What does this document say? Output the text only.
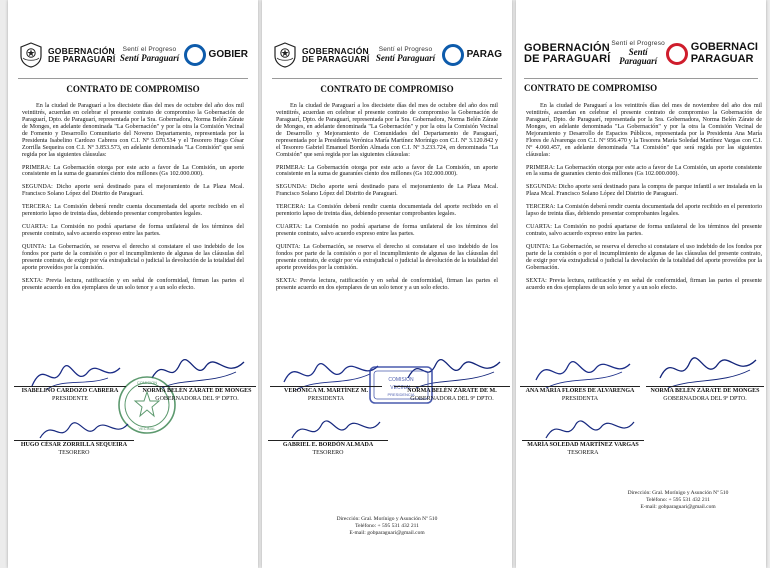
GOBERNACIÓN
DE PARAGUARÍ
Sentí el Progreso
Sentí Paraguarí	GOBIER
CONTRATO DE COMPROMISO

En la ciudad de Paraguarí a los diecisiete días del mes de octubre del año dos mil veintitrés, acuerdan en celebrar el presente contrato de compromiso la Gobernación de Paraguarí, Dpto. de Paraguarí, representada por la Sra. Gobernadora, Norma Belén Zárate de Monges, en adelante denominada "La Gobernación" y por la otra la Comisión Vecinal de Fomento y Desarrollo Comunitario del Noveno Departamento, representada por la Presidenta Isabelino Cardozo Cabrera con C.I. Nº 5.070.534 y el Tesorero Hugo César Zorrilla Sequeira con C.I. Nº 3.853.573, en adelante denominada "La Comisión" que será regida por las siguientes cláusulas:

PRIMERA: La Gobernación otorga por este acto a favor de La Comisión, un aporte consistente en la suma de guaraníes ciento dos millones (Gs 102.000.000).

SEGUNDA: Dicho aporte será destinado para el mejoramiento de La Plaza Mcal. Francisco Solano López del Distrito de Paraguarí.

TERCERA: La Comisión deberá rendir cuenta documentada del aporte recibido en el perentorio lapso de treinta días, debiendo presentar comprobantes legales.

CUARTA: La Comisión no podrá apartarse de forma unilateral de los términos del presente contrato, salvo acuerdo expreso entre las partes.

QUINTA: La Gobernación, se reserva el derecho si constatare el uso indebido de los fondos por parte de la comisión o por el incumplimiento de algunas de las cláusulas del presente contrato, de exigir por vía extrajudicial o judicial la devolución de la totalidad del aporte proveídos por la comisión.

SEXTA: Previa lectura, ratificación y en señal de conformidad, firman las partes el presente acuerdo en dos ejemplares de un solo tenor y a un solo efecto.

COMISION
VECINAL
ISABELINO CARDOZO CABRERA
PRESIDENTE
NORMA BELÉN ZÁRATE DE MONGES
GOBERNADORA DEL 9º DPTO.
HUGO CÉSAR ZORRILLA SEQUEIRA
TESORERO
GOBERNACIÓN
DE PARAGUARÍ
Sentí el Progreso
Sentí Paraguarí	PARAG
CONTRATO DE COMPROMISO

En la ciudad de Paraguarí a los diecisiete días del mes de octubre del año dos mil veintitrés, acuerdan en celebrar el presente contrato de compromiso la Gobernación de Paraguarí, Dpto. de Paraguarí, representada por la Sra. Gobernadora, Norma Belén Zárate de Monges, en adelante denominada "La Gobernación" y por la otra la Comisión Vecinal de Desarrollo y Mejoramiento de Comunidades del Departamento de Paraguarí, representada por la Presidenta Verónica María Martínez Morínigo con C.I. Nº 3.120.842 y el Tesorero Gabriel Emanuel Bordón Almada con C.I. Nº 3.233.724, en denominada "La Comisión" que será regida por las siguientes cláusulas:

PRIMERA: La Gobernación otorga por este acto a favor de La Comisión, un aporte consistente en la suma de guaraníes ciento dos millones (Gs 102.000.000).

SEGUNDA: Dicho aporte será destinado para el mejoramiento de La Plaza Mcal. Francisco Solano López del Distrito de Paraguarí.

TERCERA: La Comisión deberá rendir cuenta documentada del aporte recibido en el perentorio lapso de treinta días, debiendo presentar comprobantes legales.

CUARTA: La Comisión no podrá apartarse de forma unilateral de los términos del presente contrato, salvo acuerdo expreso entre las partes.

QUINTA: La Gobernación, se reserva el derecho si constatare el uso indebido de los fondos por parte de la comisión o por el incumplimiento de algunas de las cláusulas del presente contrato, de exigir por vía extrajudicial o judicial la devolución de la totalidad del aporte proveídos por la comisión.

SEXTA: Previa lectura, ratificación y en señal de conformidad, firman las partes el presente acuerdo en dos ejemplares de un solo tenor y a un solo efecto.

COMISION
VECINAL
PRESIDENCIA
VERÓNICA M. MARTÍNEZ M.
PRESIDENTA
NORMA BELÉN ZÁRATE DE M.
GOBERNADORA DEL 9º DPTO.
GABRIEL E. BORDÓN ALMADA
TESORERO
Dirección: Gral. Morínigo y Asunción Nº 510
Teléfono: + 595 531 432 211
E-mail: gobparaguari@gmail.com
GOBERNACIÓN
DE PARAGUARÍ
Sentí el Progreso
Sentí Paraguarí
GOBERNACI
PARAGUAR
CONTRATO DE COMPROMISO

En la ciudad de Paraguarí a los veintitrés días del mes de noviembre del año dos mil veintitrés, acuerdan en celebrar el presente contrato de compromiso la Gobernación de Paraguarí, Dpto. de Paraguarí, representada por la Sra. Gobernadora, Norma Belén Zárate de Monges, en adelante denominada "La Gobernación" y por la otra la Comisión Vecinal de Mejoramiento y Desarrollo de Espacios Públicos, representada por la Presidenta Ana María Flores de Alvarenga con C.I. Nº 956.470 y la Tesorera María Soledad Martínez Vargas con C.I. Nº 4.060.457, en adelante denominada "La Comisión" que será regida por las siguientes cláusulas:

PRIMERA: La Gobernación otorga por este acto a favor de La Comisión, un aporte consistente en la suma de guaraníes ciento dos millones (Gs 102.000.000).

SEGUNDA: Dicho aporte será destinado para la compra de parque infantil a ser instalada en la Plaza Mcal. Francisco Solano López del Distrito de Paraguarí.

TERCERA: La Comisión deberá rendir cuenta documentada del aporte recibido en el perentorio lapso de treinta días, debiendo presentar comprobantes legales.

CUARTA: La Comisión no podrá apartarse de forma unilateral de los términos del presente contrato, salvo acuerdo expreso entre las partes.

QUINTA: La Gobernación, se reserva el derecho si constatare el uso indebido de los fondos por parte de la comisión o por el incumplimiento de algunas de las cláusulas del presente contrato, de exigir por vía extrajudicial o judicial la devolución de la totalidad del aporte proveídos por la Gobernación.

SEXTA: Previa lectura, ratificación y en señal de conformidad, firman las partes el presente acuerdo en dos ejemplares de un solo tenor y a un solo efecto.

ANA MARÍA FLORES DE ALVARENGA
PRESIDENTA
NORMA BELÉN ZÁRATE DE MONGES
GOBERNADORA DEL 9º DPTO.
MARÍA SOLEDAD MARTÍNEZ VARGAS
TESORERA
Dirección: Gral. Morínigo y Asunción Nº 510
Teléfono: + 595 531 432 211
E-mail: gobparaguari@gmail.com
